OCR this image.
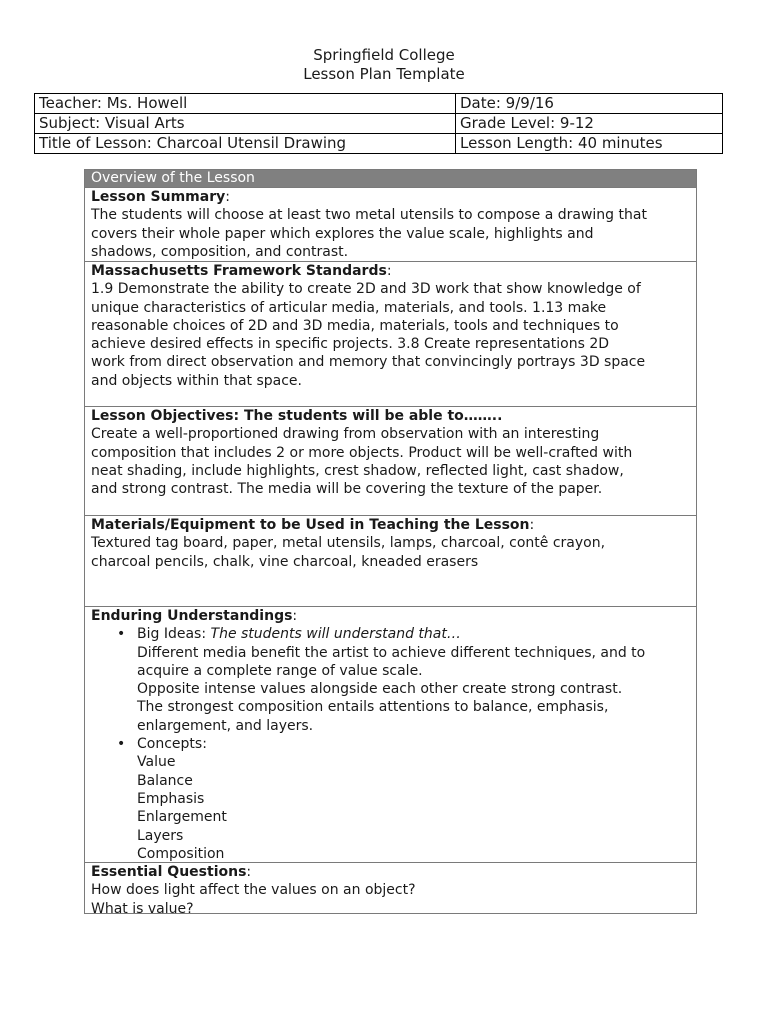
Springfield College
Lesson Plan Template
Teacher: Ms. Howell	Date: 9/9/16
Subject: Visual Arts	Grade Level: 9-12
Title of Lesson: Charcoal Utensil Drawing	Lesson Length: 40 minutes
Overview of the Lesson
Lesson Summary:
The students will choose at least two metal utensils to compose a drawing that
covers their whole paper which explores the value scale, highlights and
shadows, composition, and contrast.
Massachusetts Framework Standards:
1.9 Demonstrate the ability to create 2D and 3D work that show knowledge of
unique characteristics of articular media, materials, and tools. 1.13 make
reasonable choices of 2D and 3D media, materials, tools and techniques to
achieve desired effects in specific projects. 3.8 Create representations 2D
work from direct observation and memory that convincingly portrays 3D space
and objects within that space.
Lesson Objectives: The students will be able to……..
Create a well-proportioned drawing from observation with an interesting
composition that includes 2 or more objects. Product will be well-crafted with
neat shading, include highlights, crest shadow, reflected light, cast shadow,
and strong contrast. The media will be covering the texture of the paper.
Materials/Equipment to be Used in Teaching the Lesson:
Textured tag board, paper, metal utensils, lamps, charcoal, contê crayon,
charcoal pencils, chalk, vine charcoal, kneaded erasers
Enduring Understandings:
• Big Ideas: The students will understand that…
Different media benefit the artist to achieve different techniques, and to
acquire a complete range of value scale.
Opposite intense values alongside each other create strong contrast.
The strongest composition entails attentions to balance, emphasis,
enlargement, and layers.
• Concepts:
Value
Balance
Emphasis
Enlargement
Layers
Composition
Essential Questions:
How does light affect the values on an object?
What is value?
